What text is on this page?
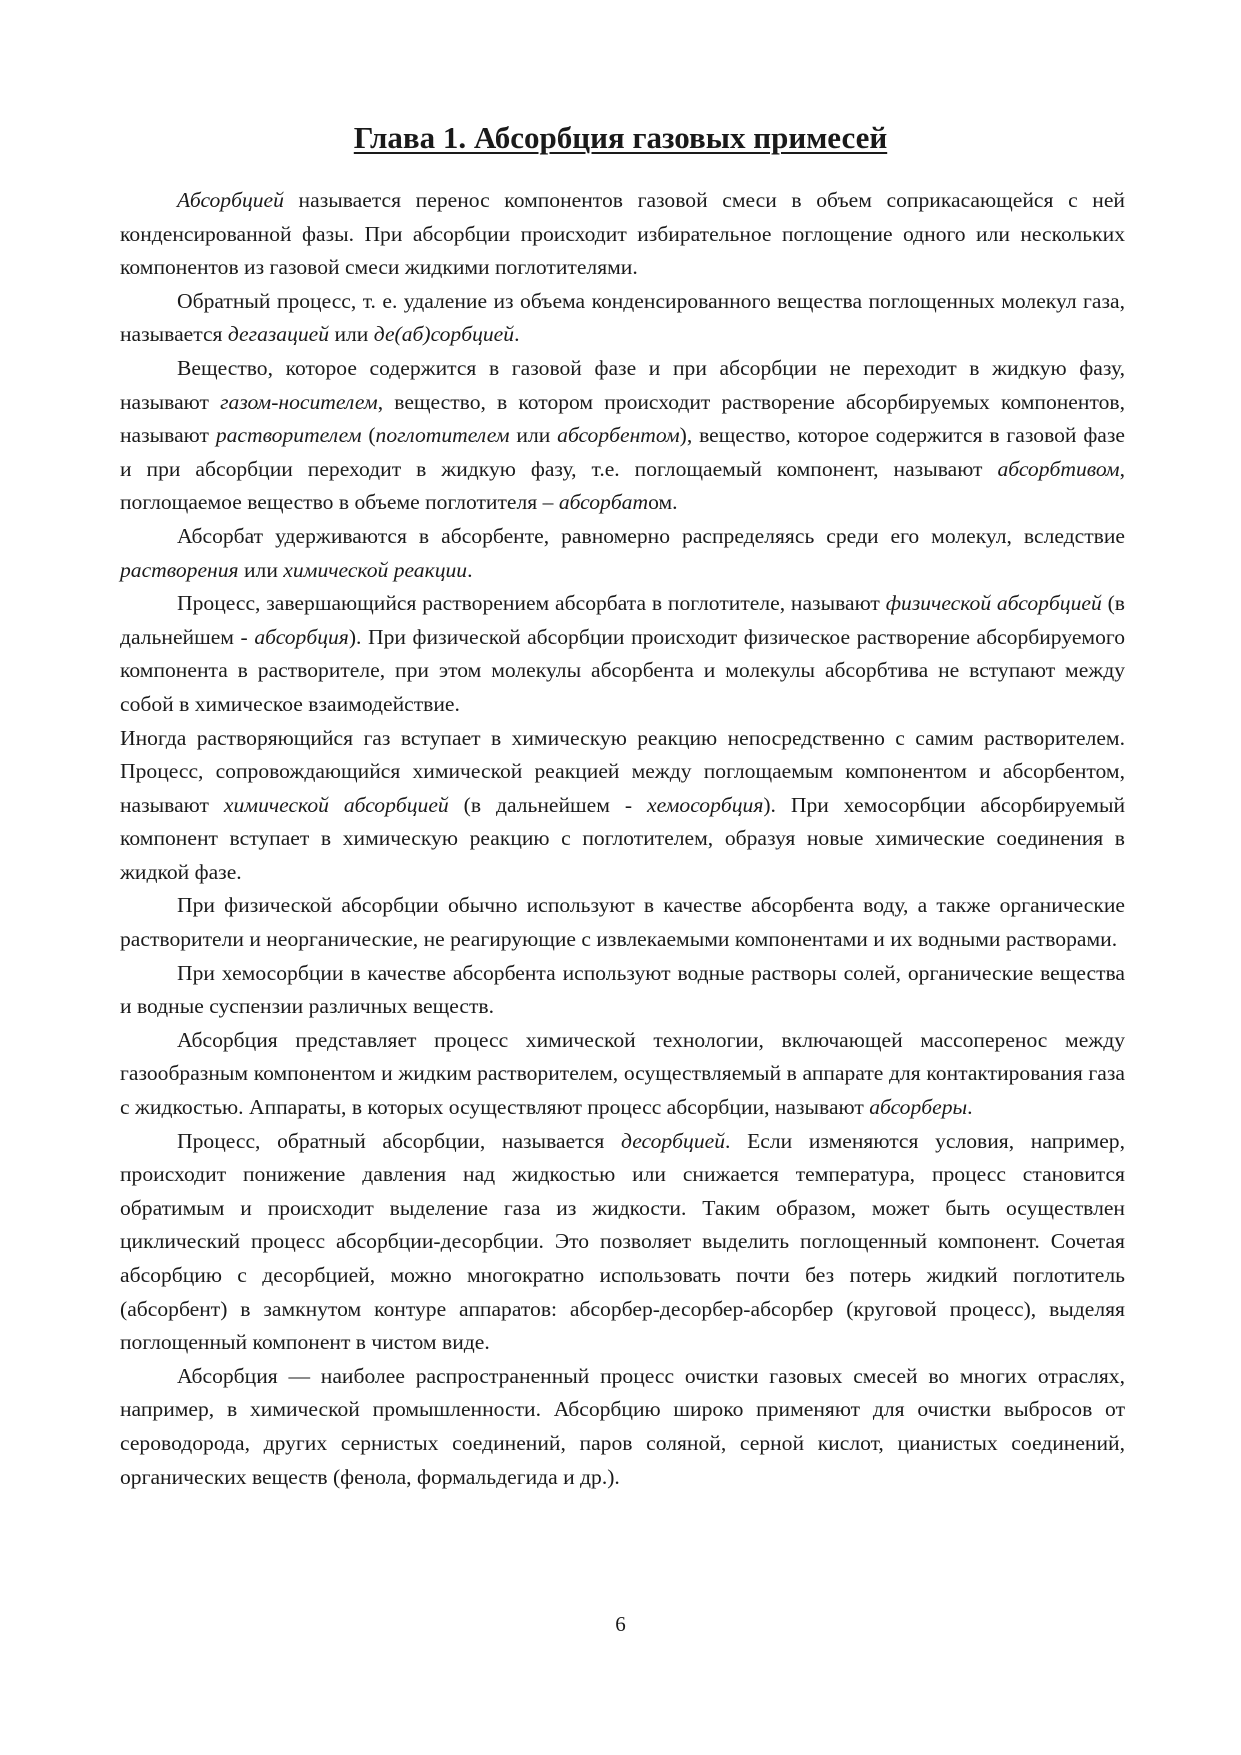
Глава 1. Абсорбция газовых примесей

Абсорбцией называется перенос компонентов газовой смеси в объем соприкасающейся с ней конденсированной фазы. При абсорбции происходит избирательное поглощение одного или нескольких компонентов из газовой смеси жидкими поглотителями.

Обратный процесс, т. е. удаление из объема конденсированного вещества поглощенных молекул газа, называется дегазацией или де(аб)сорбцией.

Вещество, которое содержится в газовой фазе и при абсорбции не переходит в жидкую фазу, называют газом-носителем, вещество, в котором происходит растворение абсорбируемых компонентов, называют растворителем (поглотителем или абсорбентом), вещество, которое содержится в газовой фазе и при абсорбции переходит в жидкую фазу, т.е. поглощаемый компонент, называют абсорбтивом, поглощаемое вещество в объеме поглотителя – абсорбатом.

Абсорбат удерживаются в абсорбенте, равномерно распределяясь среди его молекул, вследствие растворения или химической реакции.

Процесс, завершающийся растворением абсорбата в поглотителе, называют физической абсорбцией (в дальнейшем - абсорбция). При физической абсорбции происходит физическое растворение абсорбируемого компонента в растворителе, при этом молекулы абсорбента и молекулы абсорбтива не вступают между собой в химическое взаимодействие.

Иногда растворяющийся газ вступает в химическую реакцию непосредственно с самим растворителем. Процесс, сопровождающийся химической реакцией между поглощаемым компонентом и абсорбентом, называют химической абсорбцией (в дальнейшем - хемосорбция). При хемосорбции абсорбируемый компонент вступает в химическую реакцию с поглотителем, образуя новые химические соединения в жидкой фазе.

При физической абсорбции обычно используют в качестве абсорбента воду, а также органические растворители и неорганические, не реагирующие с извлекаемыми компонентами и их водными растворами.

При хемосорбции в качестве абсорбента используют водные растворы солей, органические вещества и водные суспензии различных веществ.

Абсорбция представляет процесс химической технологии, включающей массоперенос между газообразным компонентом и жидким растворителем, осуществляемый в аппарате для контактирования газа с жидкостью. Аппараты, в которых осуществляют процесс абсорбции, называют абсорберы.

Процесс, обратный абсорбции, называется десорбцией. Если изменяются условия, например, происходит понижение давления над жидкостью или снижается температура, процесс становится обратимым и происходит выделение газа из жидкости. Таким образом, может быть осуществлен циклический процесс абсорбции-десорбции. Это позволяет выделить поглощенный компонент. Сочетая абсорбцию с десорбцией, можно многократно использовать почти без потерь жидкий поглотитель (абсорбент) в замкнутом контуре аппаратов: абсорбер-десорбер-абсорбер (круговой процесс), выделяя поглощенный компонент в чистом виде.

Абсорбция — наиболее распространенный процесс очистки газовых смесей во многих отраслях, например, в химической промышленности. Абсорбцию широко применяют для очистки выбросов от сероводорода, других сернистых соединений, паров соляной, серной кислот, цианистых соединений, органических веществ (фенола, формальдегида и др.).

6
